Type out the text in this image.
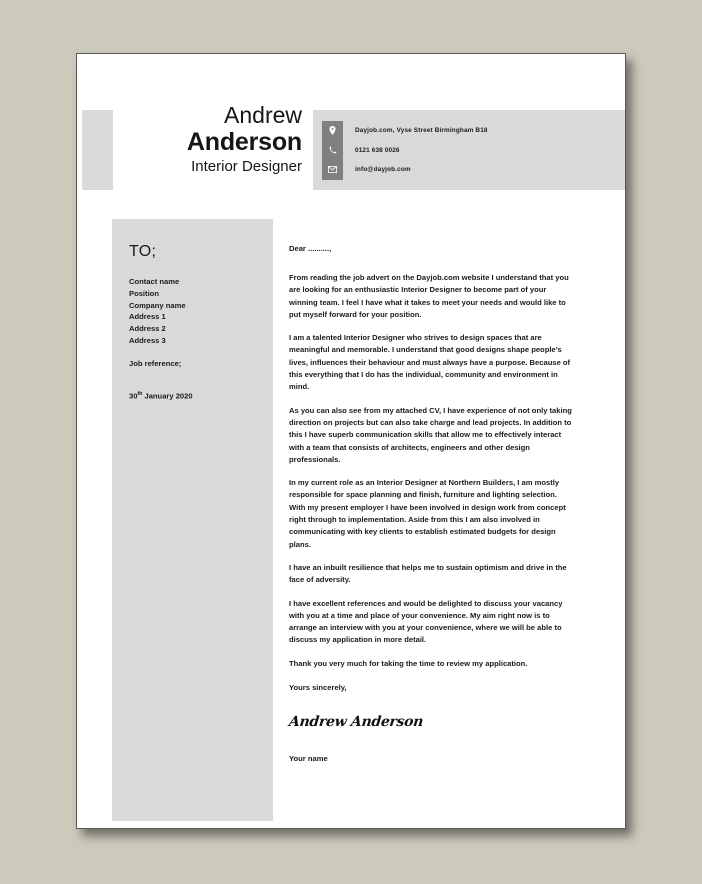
Dayjob.com, Vyse Street Birmingham B18
0121 638 0026
info@dayjob.com
Andrew
Anderson
Interior Designer
TO;
Contact name
Position
Company name
Address 1
Address 2
Address 3
Job reference;
30th January 2020
Dear ..........,

From reading the job advert on the Dayjob.com website I understand that you are looking for an enthusiastic Interior Designer to become part of your winning team. I feel I have what it takes to meet your needs and would like to put myself forward for your position.

I am a talented Interior Designer who strives to design spaces that are meaningful and memorable. I understand that good designs shape people’s lives, influences their behaviour and must always have a purpose. Because of this everything that I do has the individual, community and environment in mind.

As you can also see from my attached CV, I have experience of not only taking direction on projects but can also take charge and lead projects. In addition to this I have superb communication skills that allow me to effectively interact with a team that consists of architects, engineers and other design professionals.

In my current role as an Interior Designer at Northern Builders, I am mostly responsible for space planning and finish, furniture and lighting selection. With my present employer I have been involved in design work from concept right through to implementation. Aside from this I am also involved in communicating with key clients to establish estimated budgets for design plans.

I have an inbuilt resilience that helps me to sustain optimism and drive in the face of adversity.

I have excellent references and would be delighted to discuss your vacancy with you at a time and place of your convenience. My aim right now is to arrange an interview with you at your convenience, where we will be able to discuss my application in more detail.

Thank you very much for taking the time to review my application.

Yours sincerely,
Andrew Anderson
Your name
